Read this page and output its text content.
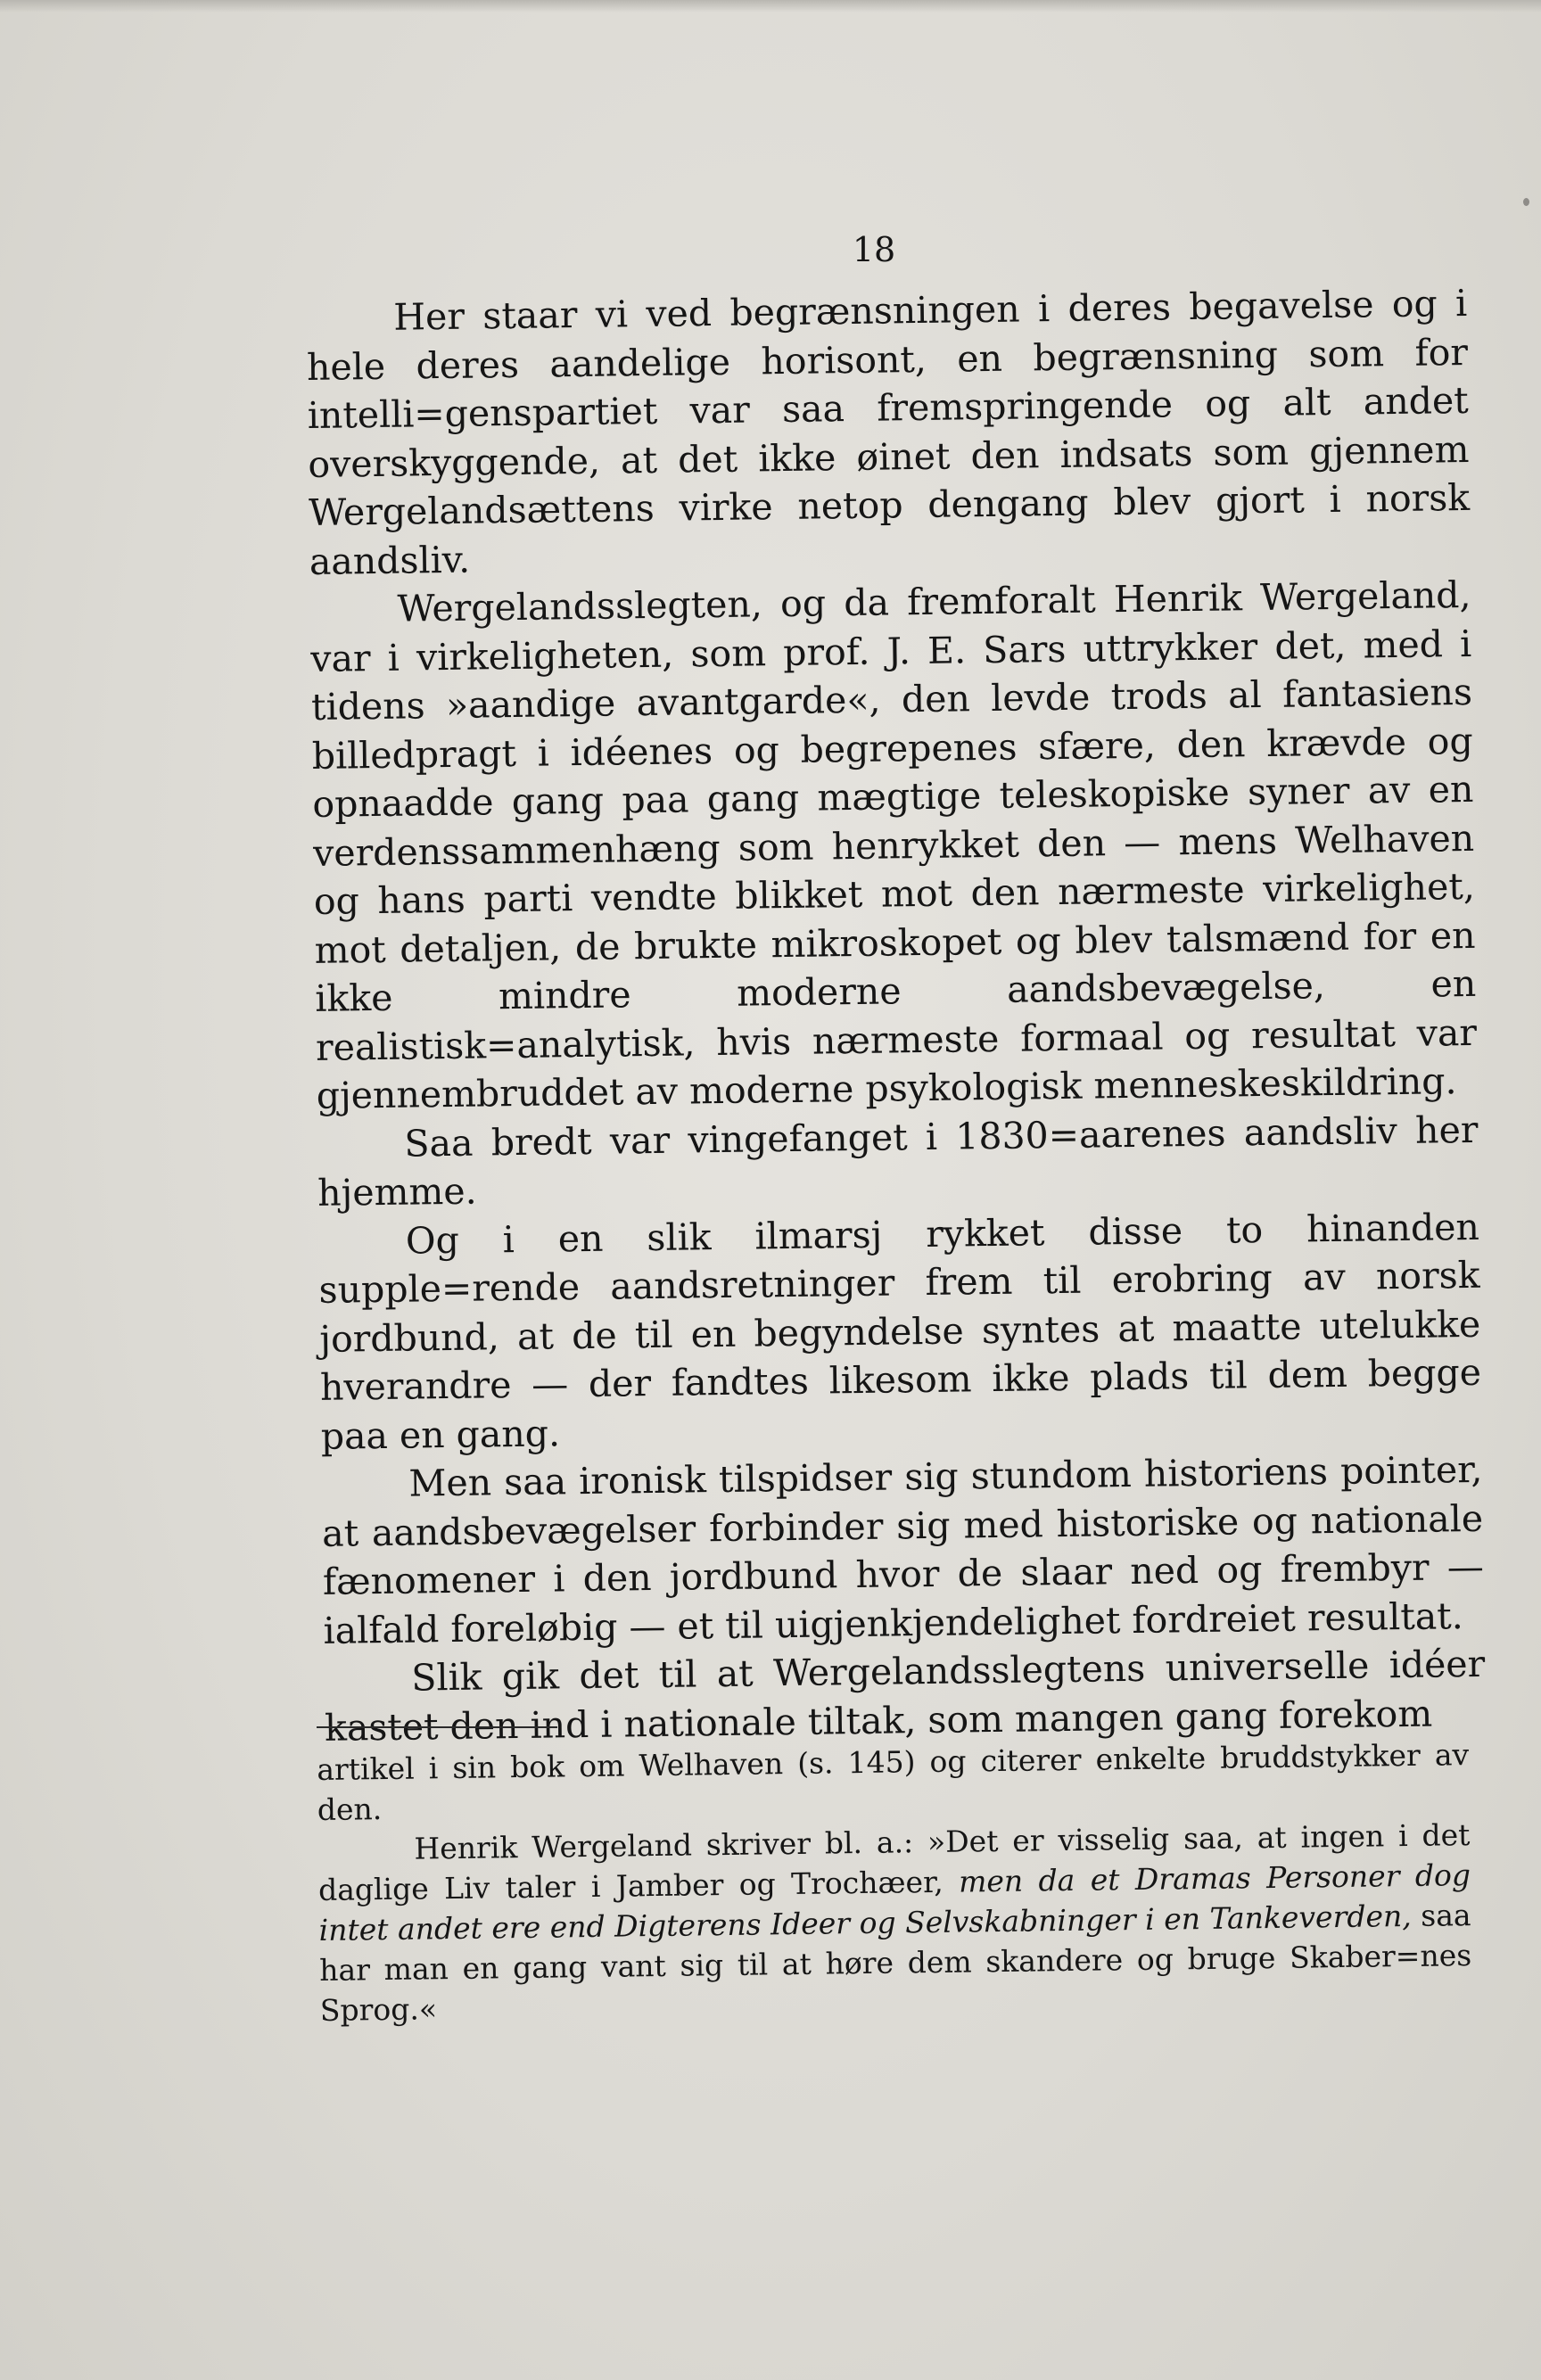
18

Her staar vi ved begrænsningen i deres begavelse og i hele deres aandelige horisont, en begrænsning som for intelli=genspartiet var saa fremspringende og alt andet overskyggende, at det ikke øinet den indsats som gjennem Wergelandsættens virke netop dengang blev gjort i norsk aandsliv.

Wergelandsslegten, og da fremforalt Henrik Wergeland, var i virkeligheten, som prof. J. E. Sars uttrykker det, med i tidens »aandige avantgarde«, den levde trods al fantasiens billedpragt i idéenes og begrepenes sfære, den krævde og opnaadde gang paa gang mægtige teleskopiske syner av en verdenssammenhæng som henrykket den — mens Welhaven og hans parti vendte blikket mot den nærmeste virkelighet, mot detaljen, de brukte mikroskopet og blev talsmænd for en ikke mindre moderne aandsbevægelse, en realistisk=analytisk, hvis nærmeste formaal og resultat var gjennembruddet av moderne psykologisk menneskeskildring.

Saa bredt var vingefanget i 1830=aarenes aandsliv her hjemme.

Og i en slik ilmarsj rykket disse to hinanden supple=rende aandsretninger frem til erobring av norsk jordbund, at de til en begyndelse syntes at maatte utelukke hverandre — der fandtes likesom ikke plads til dem begge paa en gang.

Men saa ironisk tilspidser sig stundom historiens pointer, at aandsbevægelser forbinder sig med historiske og nationale fænomener i den jordbund hvor de slaar ned og frembyr — ialfald foreløbig — et til uigjenkjendelighet fordreiet resultat.

Slik gik det til at Wergelandsslegtens universelle idéer kastet den ind i nationale tiltak, som mangen gang forekom

artikel i sin bok om Welhaven (s. 145) og citerer enkelte bruddstykker av den.

Henrik Wergeland skriver bl. a.: »Det er visselig saa, at ingen i det daglige Liv taler i Jamber og Trochæer, men da et Dramas Personer dog intet andet ere end Digterens Ideer og Selvskabninger i en Tankeverden, saa har man en gang vant sig til at høre dem skandere og bruge Skaber=nes Sprog.«
